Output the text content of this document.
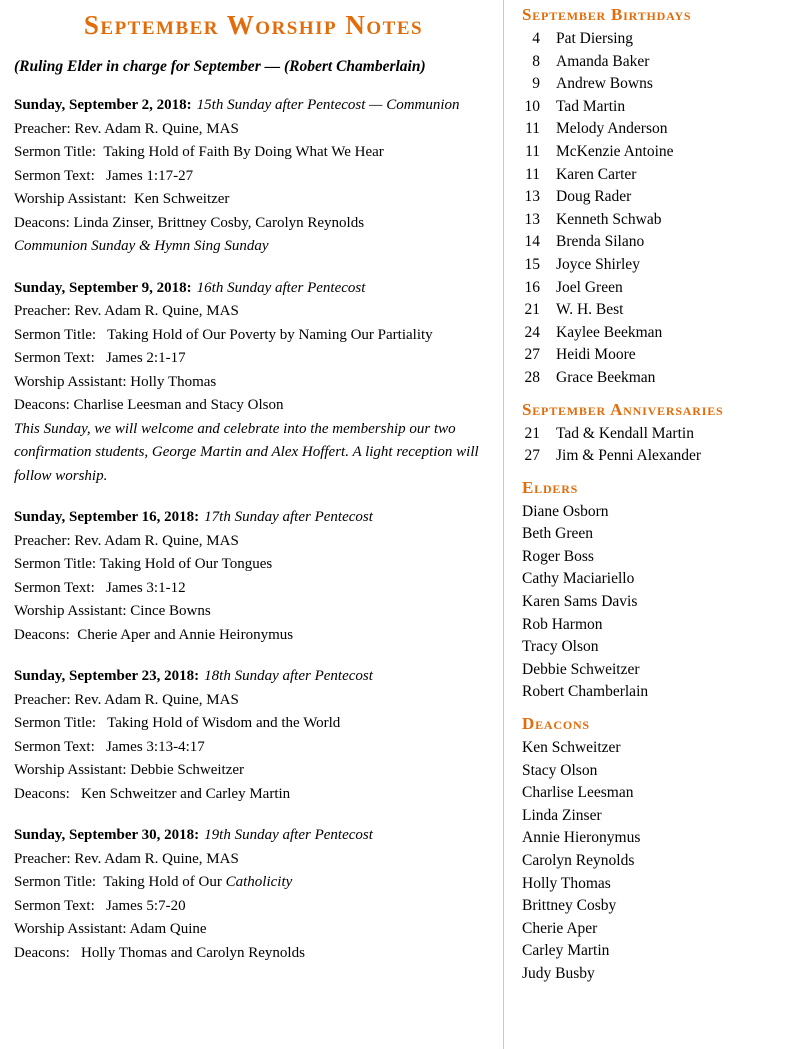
September Worship Notes

(Ruling Elder in charge for September — (Robert Chamberlain)

Sunday, September 2, 2018: 15th Sunday after Pentecost — Communion

Preacher: Rev. Adam R. Quine, MAS

Sermon Title:  Taking Hold of Faith By Doing What We Hear

Sermon Text:   James 1:17-27

Worship Assistant:  Ken Schweitzer

Deacons: Linda Zinser, Brittney Cosby, Carolyn Reynolds

Communion Sunday & Hymn Sing Sunday

Sunday, September 9, 2018: 16th Sunday after Pentecost

Preacher: Rev. Adam R. Quine, MAS

Sermon Title:   Taking Hold of Our Poverty by Naming Our Partiality

Sermon Text:   James 2:1-17

Worship Assistant: Holly Thomas

Deacons: Charlise Leesman and Stacy Olson

This Sunday, we will welcome and celebrate into the membership our two confirmation students, George Martin and Alex Hoffert. A light reception will follow worship.

Sunday, September 16, 2018: 17th Sunday after Pentecost

Preacher: Rev. Adam R. Quine, MAS

Sermon Title: Taking Hold of Our Tongues

Sermon Text:   James 3:1-12

Worship Assistant: Cince Bowns

Deacons:  Cherie Aper and Annie Heironymus

Sunday, September 23, 2018: 18th Sunday after Pentecost

Preacher: Rev. Adam R. Quine, MAS

Sermon Title:   Taking Hold of Wisdom and the World

Sermon Text:   James 3:13-4:17

Worship Assistant: Debbie Schweitzer

Deacons:   Ken Schweitzer and Carley Martin

Sunday, September 30, 2018: 19th Sunday after Pentecost

Preacher: Rev. Adam R. Quine, MAS

Sermon Title:  Taking Hold of Our Catholicity

Sermon Text:   James 5:7-20

Worship Assistant: Adam Quine

Deacons:   Holly Thomas and Carolyn Reynolds

September Birthdays

4 Pat Diersing

8 Amanda Baker

9 Andrew Bowns

10 Tad Martin

11 Melody Anderson

11 McKenzie Antoine

11 Karen Carter

13 Doug Rader

13 Kenneth Schwab

14 Brenda Silano

15 Joyce Shirley

16 Joel Green

21 W. H. Best

24 Kaylee Beekman

27 Heidi Moore

28 Grace Beekman

September Anniversaries

21 Tad & Kendall Martin

27 Jim & Penni Alexander

Elders

Diane Osborn

Beth Green

Roger Boss

Cathy Maciariello

Karen Sams Davis

Rob Harmon

Tracy Olson

Debbie Schweitzer

Robert Chamberlain

Deacons

Ken Schweitzer

Stacy Olson

Charlise Leesman

Linda Zinser

Annie Hieronymus

Carolyn Reynolds

Holly Thomas

Brittney Cosby

Cherie Aper

Carley Martin

Judy Busby
